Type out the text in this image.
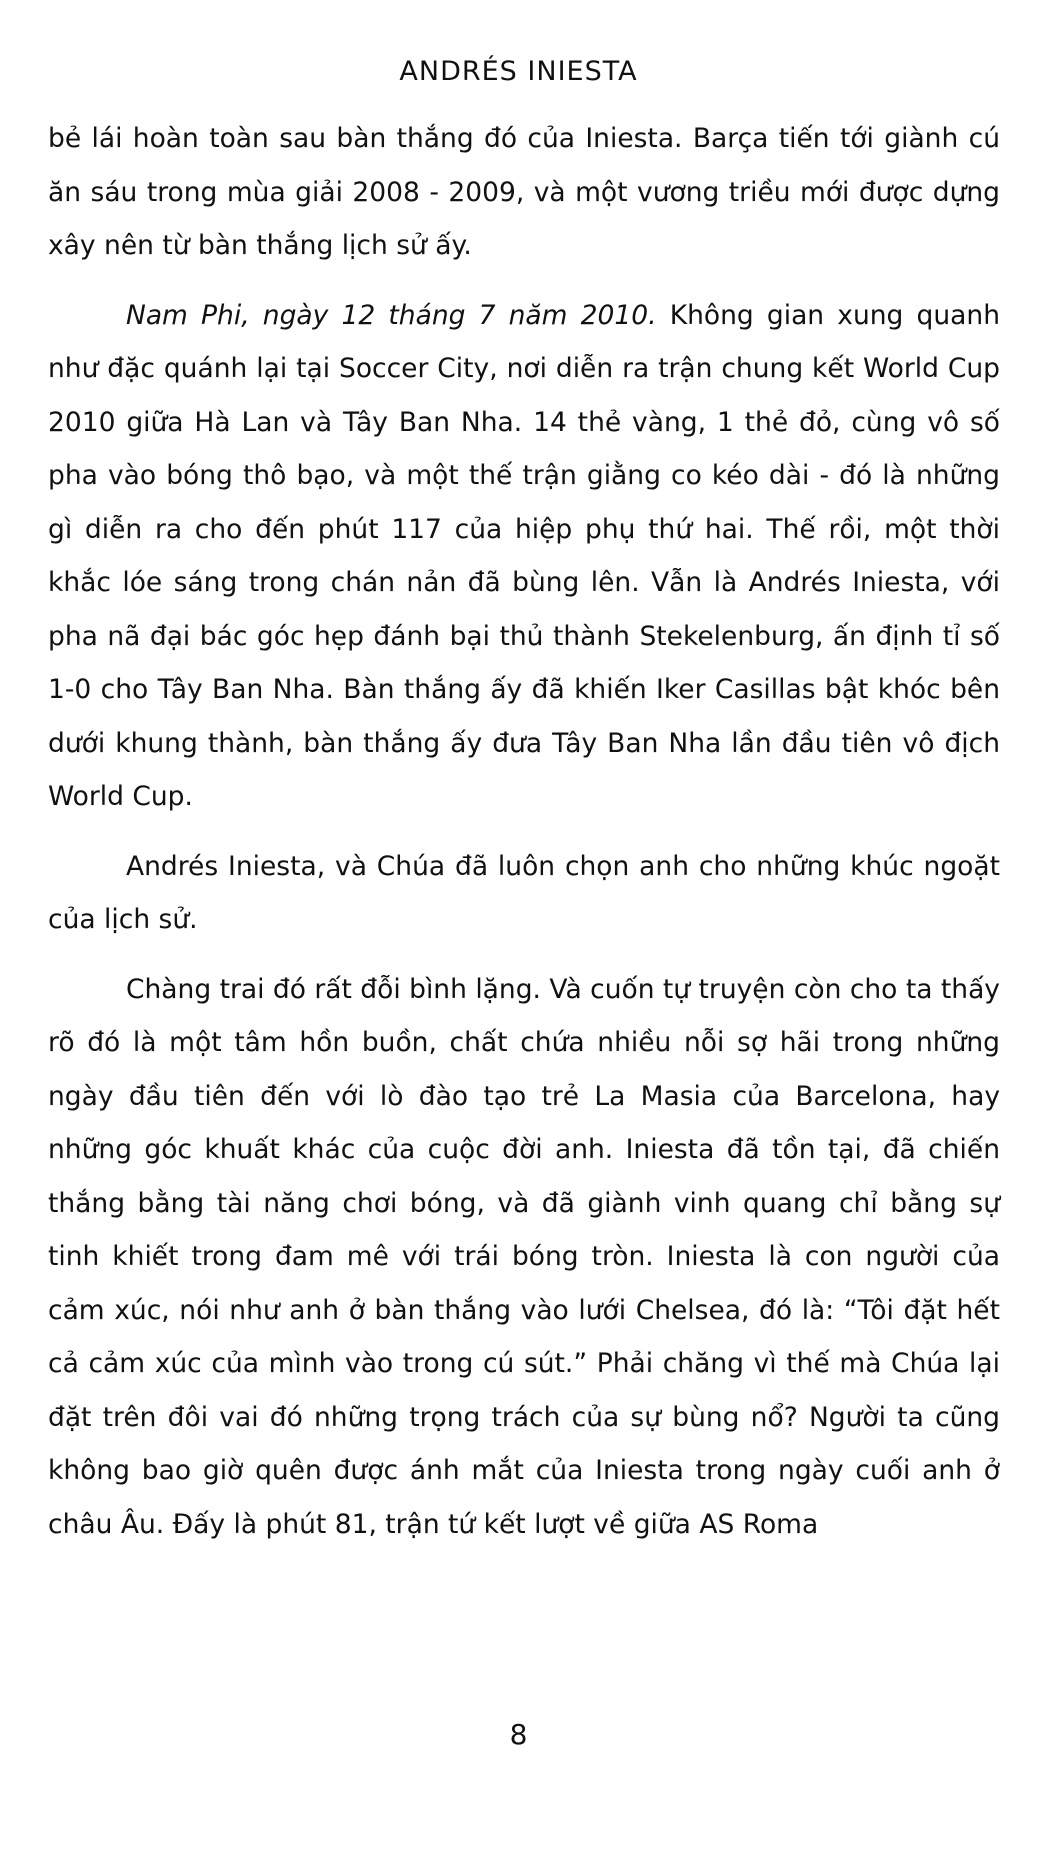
ANDRÉS INIESTA

bẻ lái hoàn toàn sau bàn thắng đó của Iniesta. Barça tiến tới giành cú ăn sáu trong mùa giải 2008 - 2009, và một vương triều mới được dựng xây nên từ bàn thắng lịch sử ấy.

Nam Phi, ngày 12 tháng 7 năm 2010. Không gian xung quanh như đặc quánh lại tại Soccer City, nơi diễn ra trận chung kết World Cup 2010 giữa Hà Lan và Tây Ban Nha. 14 thẻ vàng, 1 thẻ đỏ, cùng vô số pha vào bóng thô bạo, và một thế trận giằng co kéo dài - đó là những gì diễn ra cho đến phút 117 của hiệp phụ thứ hai. Thế rồi, một thời khắc lóe sáng trong chán nản đã bùng lên. Vẫn là Andrés Iniesta, với pha nã đại bác góc hẹp đánh bại thủ thành Stekelenburg, ấn định tỉ số 1-0 cho Tây Ban Nha. Bàn thắng ấy đã khiến Iker Casillas bật khóc bên dưới khung thành, bàn thắng ấy đưa Tây Ban Nha lần đầu tiên vô địch World Cup.

Andrés Iniesta, và Chúa đã luôn chọn anh cho những khúc ngoặt của lịch sử.

Chàng trai đó rất đỗi bình lặng. Và cuốn tự truyện còn cho ta thấy rõ đó là một tâm hồn buồn, chất chứa nhiều nỗi sợ hãi trong những ngày đầu tiên đến với lò đào tạo trẻ La Masia của Barcelona, hay những góc khuất khác của cuộc đời anh. Iniesta đã tồn tại, đã chiến thắng bằng tài năng chơi bóng, và đã giành vinh quang chỉ bằng sự tinh khiết trong đam mê với trái bóng tròn. Iniesta là con người của cảm xúc, nói như anh ở bàn thắng vào lưới Chelsea, đó là: “Tôi đặt hết cả cảm xúc của mình vào trong cú sút.” Phải chăng vì thế mà Chúa lại đặt trên đôi vai đó những trọng trách của sự bùng nổ? Người ta cũng không bao giờ quên được ánh mắt của Iniesta trong ngày cuối anh ở châu Âu. Đấy là phút 81, trận tứ kết lượt về giữa AS Roma

8
